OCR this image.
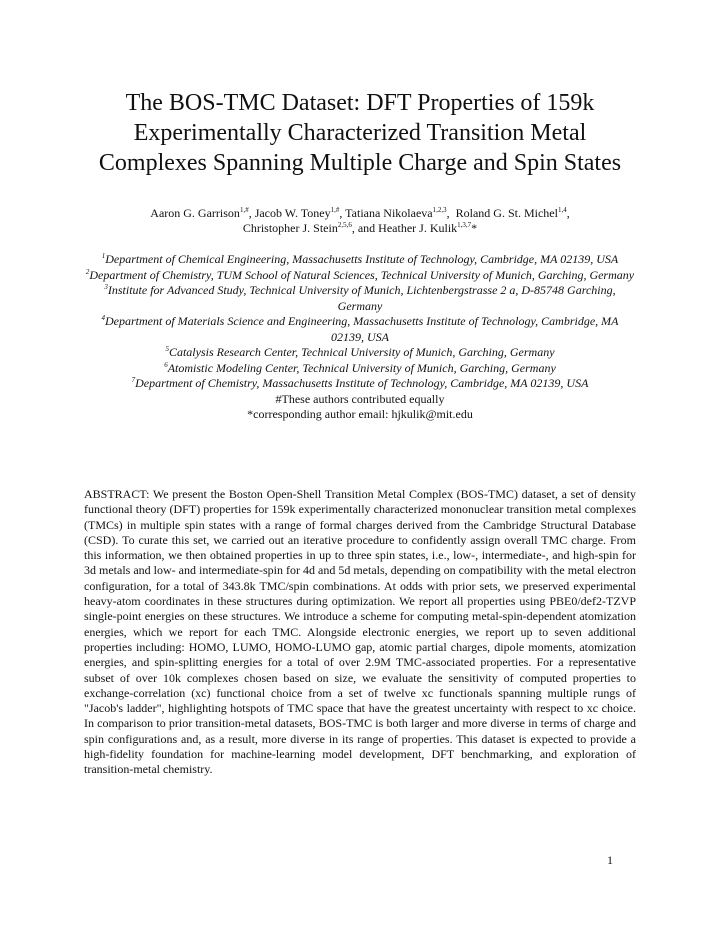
The BOS-TMC Dataset: DFT Properties of 159k Experimentally Characterized Transition Metal Complexes Spanning Multiple Charge and Spin States
Aaron G. Garrison$^{1,\#}$, Jacob W. Toney$^{1,\#}$, Tatiana Nikolaeva$^{1,2,3}$,  Roland G. St. Michel$^{1,4}$,
Christopher J. Stein$^{2,5,6}$, and Heather J. Kulik$^{1,3,7}$*
$^1$Department of Chemical Engineering, Massachusetts Institute of Technology, Cambridge, MA 02139, USA
$^2$Department of Chemistry, TUM School of Natural Sciences, Technical University of Munich, Garching, Germany
$^3$Institute for Advanced Study, Technical University of Munich, Lichtenbergstrasse 2 a, D-85748 Garching, Germany
$^4$Department of Materials Science and Engineering, Massachusetts Institute of Technology, Cambridge, MA 02139, USA
$^5$Catalysis Research Center, Technical University of Munich, Garching, Germany
$^6$Atomistic Modeling Center, Technical University of Munich, Garching, Germany
$^7$Department of Chemistry, Massachusetts Institute of Technology, Cambridge, MA 02139, USA
#These authors contributed equally
*corresponding author email: hjkulik@mit.edu
ABSTRACT: We present the Boston Open-Shell Transition Metal Complex (BOS-TMC) dataset, a set of density functional theory (DFT) properties for 159k experimentally characterized mononuclear transition metal complexes (TMCs) in multiple spin states with a range of formal charges derived from the Cambridge Structural Database (CSD). To curate this set, we carried out an iterative procedure to confidently assign overall TMC charge. From this information, we then obtained properties in up to three spin states, i.e., low-, intermediate-, and high-spin for 3d metals and low- and intermediate-spin for 4d and 5d metals, depending on compatibility with the metal electron configuration, for a total of 343.8k TMC/spin combinations. At odds with prior sets, we preserved experimental heavy-atom coordinates in these structures during optimization. We report all properties using PBE0/def2-TZVP single-point energies on these structures. We introduce a scheme for computing metal-spin-dependent atomization energies, which we report for each TMC. Alongside electronic energies, we report up to seven additional properties including: HOMO, LUMO, HOMO-LUMO gap, atomic partial charges, dipole moments, atomization energies, and spin-splitting energies for a total of over 2.9M TMC-associated properties. For a representative subset of over 10k complexes chosen based on size, we evaluate the sensitivity of computed properties to exchange-correlation (xc) functional choice from a set of twelve xc functionals spanning multiple rungs of "Jacob's ladder", highlighting hotspots of TMC space that have the greatest uncertainty with respect to xc choice. In comparison to prior transition-metal datasets, BOS-TMC is both larger and more diverse in terms of charge and spin configurations and, as a result, more diverse in its range of properties. This dataset is expected to provide a high-fidelity foundation for machine-learning model development, DFT benchmarking, and exploration of transition-metal chemistry.
1
